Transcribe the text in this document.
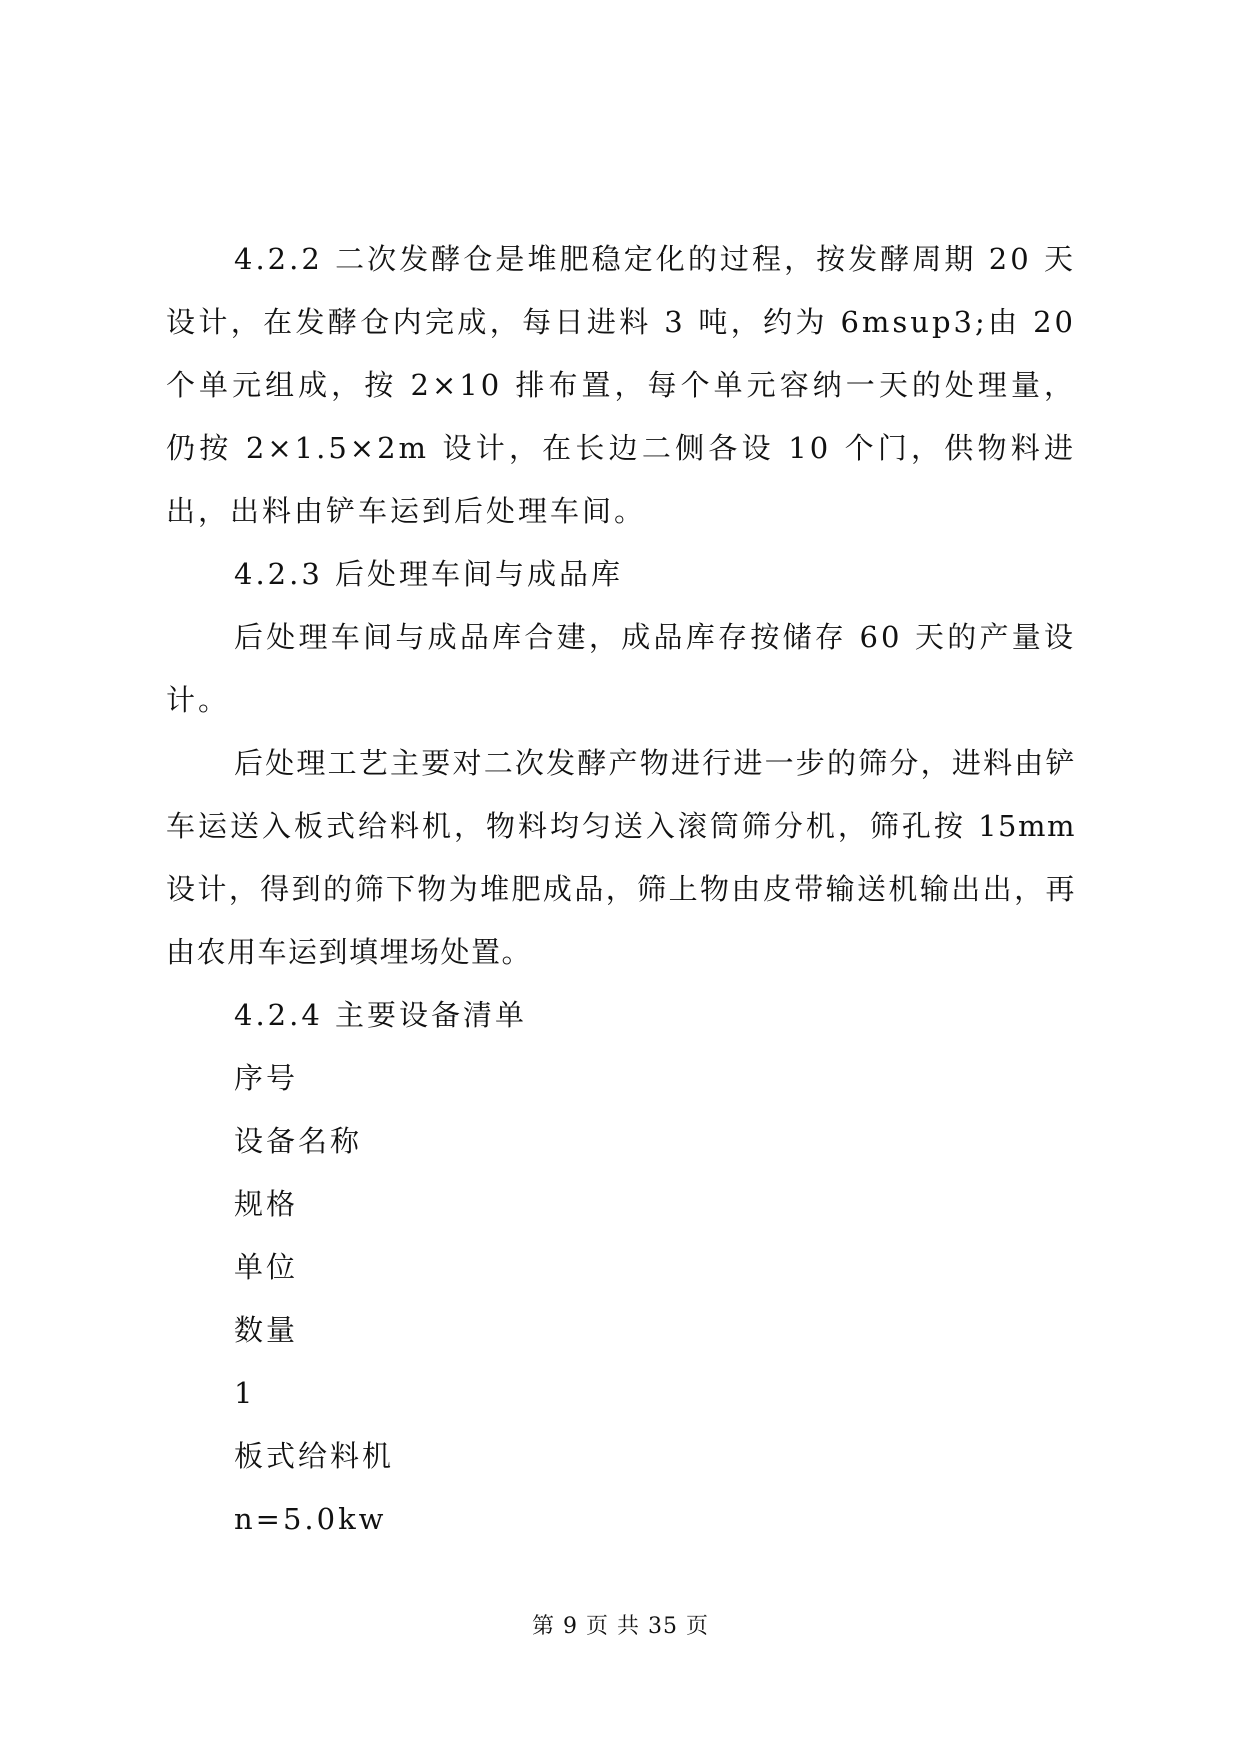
4.2.2 二次发酵仓是堆肥稳定化的过程，按发酵周期 20 天设计，在发酵仓内完成，每日进料 3 吨，约为 6msup3;由 20 个单元组成，按 2×10 排布置，每个单元容纳一天的处理量，仍按 2×1.5×2m 设计，在长边二侧各设 10 个门，供物料进出，出料由铲车运到后处理车间。

4.2.3 后处理车间与成品库

后处理车间与成品库合建，成品库存按储存 60 天的产量设计。

后处理工艺主要对二次发酵产物进行进一步的筛分，进料由铲车运送入板式给料机，物料均匀送入滚筒筛分机，筛孔按 15mm 设计，得到的筛下物为堆肥成品，筛上物由皮带输送机输出出，再由农用车运到填埋场处置。

4.2.4 主要设备清单

序号

设备名称

规格

单位

数量

1

板式给料机

n=5.0kw

第 9 页 共 35 页
